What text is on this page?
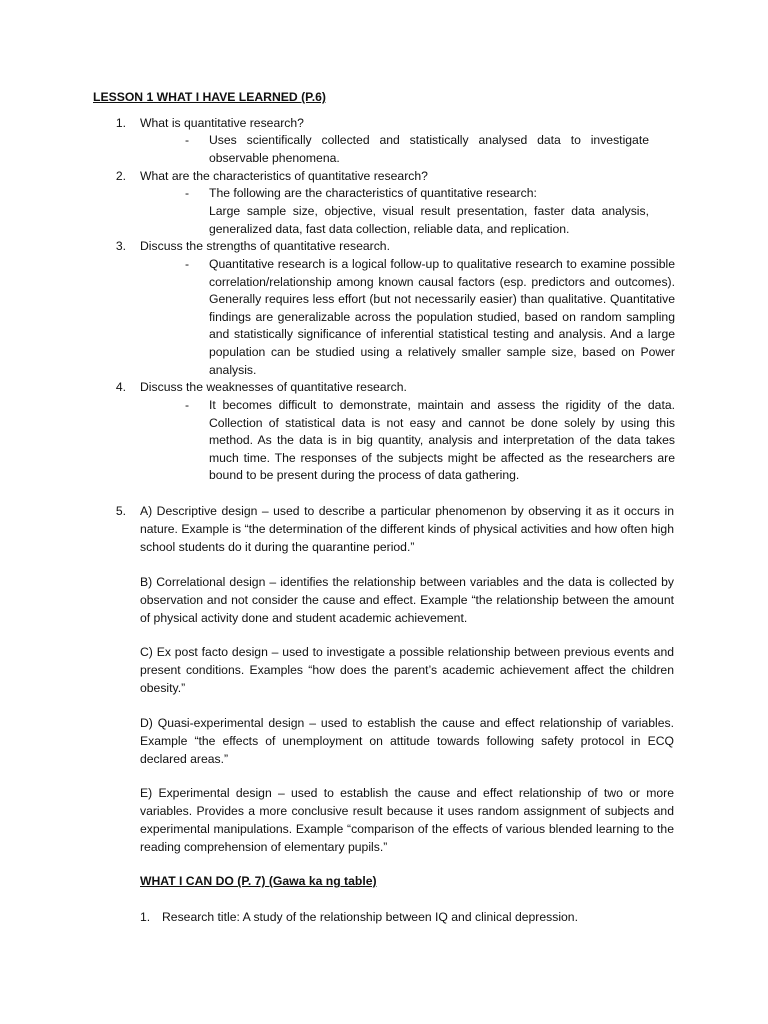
LESSON 1 WHAT I HAVE LEARNED (P.6)
1. What is quantitative research?
- Uses scientifically collected and statistically analysed data to investigate observable phenomena.
2. What are the characteristics of quantitative research?
- The following are the characteristics of quantitative research:
Large sample size, objective, visual result presentation, faster data analysis, generalized data, fast data collection, reliable data, and replication.
3. Discuss the strengths of quantitative research.
- Quantitative research is a logical follow-up to qualitative research to examine possible correlation/relationship among known causal factors (esp. predictors and outcomes). Generally requires less effort (but not necessarily easier) than qualitative. Quantitative findings are generalizable across the population studied, based on random sampling and statistically significance of inferential statistical testing and analysis. And a large population can be studied using a relatively smaller sample size, based on Power analysis.
4. Discuss the weaknesses of quantitative research.
- It becomes difficult to demonstrate, maintain and assess the rigidity of the data. Collection of statistical data is not easy and cannot be done solely by using this method. As the data is in big quantity, analysis and interpretation of the data takes much time. The responses of the subjects might be affected as the researchers are bound to be present during the process of data gathering.
5. A) Descriptive design – used to describe a particular phenomenon by observing it as it occurs in nature. Example is “the determination of the different kinds of physical activities and how often high school students do it during the quarantine period.”
B) Correlational design – identifies the relationship between variables and the data is collected by observation and not consider the cause and effect. Example “the relationship between the amount of physical activity done and student academic achievement.
C) Ex post facto design – used to investigate a possible relationship between previous events and present conditions. Examples “how does the parent’s academic achievement affect the children obesity.”
D) Quasi-experimental design – used to establish the cause and effect relationship of variables. Example “the effects of unemployment on attitude towards following safety protocol in ECQ declared areas.”
E) Experimental design – used to establish the cause and effect relationship of two or more variables. Provides a more conclusive result because it uses random assignment of subjects and experimental manipulations. Example “comparison of the effects of various blended learning to the reading comprehension of elementary pupils.”
WHAT I CAN DO (P. 7) (Gawa ka ng table)
1. Research title: A study of the relationship between IQ and clinical depression.
